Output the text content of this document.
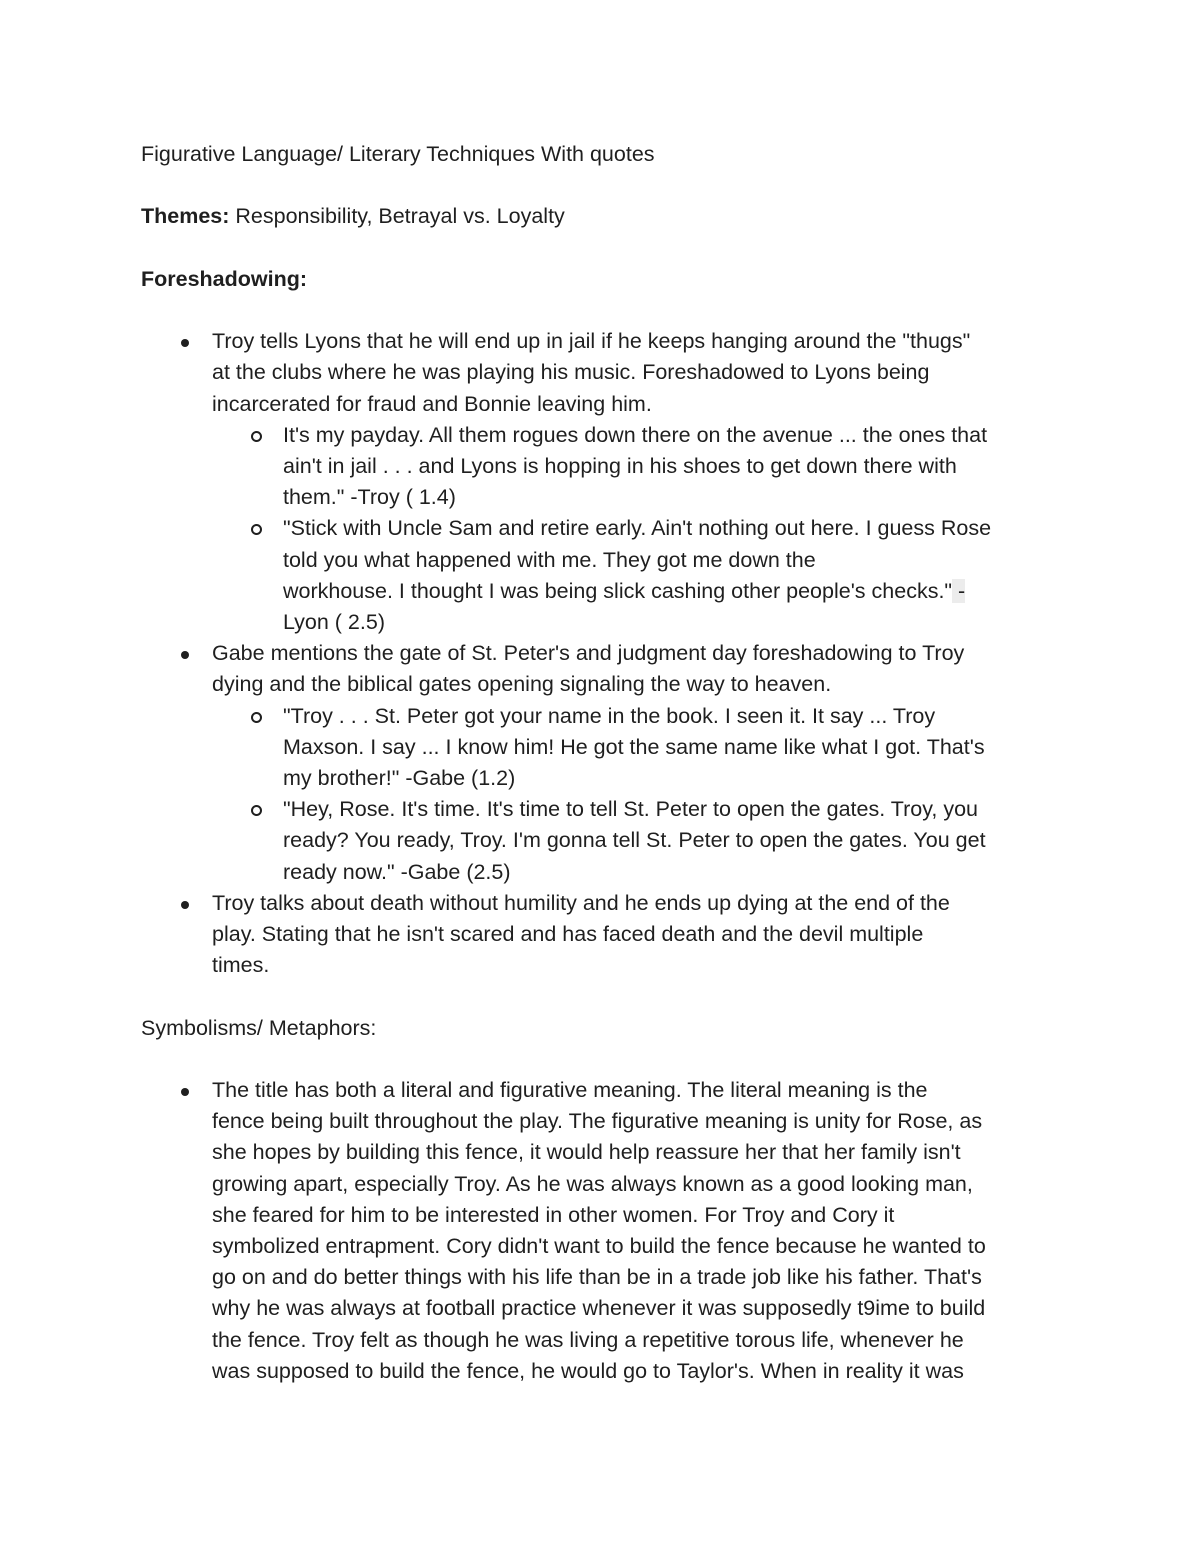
Figurative Language/ Literary Techniques With quotes

Themes: Responsibility, Betrayal vs. Loyalty

Foreshadowing:

Troy tells Lyons that he will end up in jail if he keeps hanging around the "thugs"

at the clubs where he was playing his music. Foreshadowed to Lyons being

incarcerated for fraud and Bonnie leaving him.

It's my payday. All them rogues down there on the avenue ... the ones that

ain't in jail . . . and Lyons is hopping in his shoes to get down there with

them." -Troy ( 1.4)

"Stick with Uncle Sam and retire early. Ain't nothing out here. I guess Rose

told you what happened with me. They got me down the

workhouse. I thought I was being slick cashing other people's checks." -

Lyon ( 2.5)

Gabe mentions the gate of St. Peter's and judgment day foreshadowing to Troy

dying and the biblical gates opening signaling the way to heaven.

"Troy . . . St. Peter got your name in the book. I seen it. It say ... Troy

Maxson. I say ... I know him! He got the same name like what I got. That's

my brother!" -Gabe (1.2)

"Hey, Rose. It's time. It's time to tell St. Peter to open the gates. Troy, you

ready? You ready, Troy. I'm gonna tell St. Peter to open the gates. You get

ready now." -Gabe (2.5)

Troy talks about death without humility and he ends up dying at the end of the

play. Stating that he isn't scared and has faced death and the devil multiple

times.

Symbolisms/ Metaphors:

The title has both a literal and figurative meaning. The literal meaning is the

fence being built throughout the play. The figurative meaning is unity for Rose, as

she hopes by building this fence, it would help reassure her that her family isn't

growing apart, especially Troy. As he was always known as a good looking man,

she feared for him to be interested in other women. For Troy and Cory it

symbolized entrapment. Cory didn't want to build the fence because he wanted to

go on and do better things with his life than be in a trade job like his father. That's

why he was always at football practice whenever it was supposedly t9ime to build

the fence. Troy felt as though he was living a repetitive torous life, whenever he

was supposed to build the fence, he would go to Taylor's. When in reality it was
